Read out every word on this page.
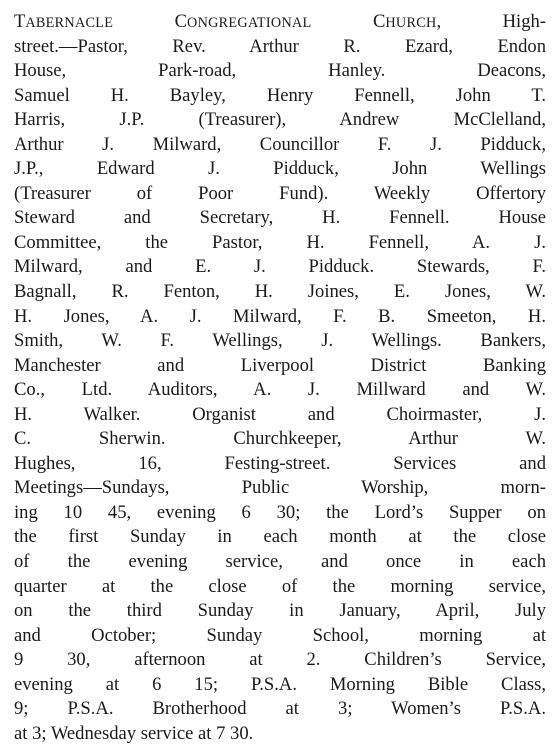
TABERNACLE	CONGREGATIONAL	CHURCH, High-
street.—Pastor, Rev. Arthur R. Ezard, Endon
House, Park-road, Hanley. Deacons,
Samuel H. Bayley, Henry Fennell, John T.
Harris, J.P. (Treasurer), Andrew McClelland,
Arthur J. Milward, Councillor F. J. Pidduck,
J.P., Edward J. Pidduck, John Wellings
(Treasurer of Poor Fund). Weekly Offertory
Steward and Secretary, H. Fennell. House
Committee, the Pastor, H. Fennell, A. J.
Milward, and E. J. Pidduck. Stewards, F.
Bagnall, R. Fenton, H. Joines, E. Jones, W.
H. Jones, A. J. Milward, F. B. Smeeton, H.
Smith, W. F. Wellings, J. Wellings. Bankers,
Manchester and Liverpool District Banking
Co., Ltd. Auditors, A. J. Millward and W.
H. Walker. Organist and Choirmaster, J.
C. Sherwin. Churchkeeper, Arthur W.
Hughes, 16, Festing-street. Services and
Meetings—Sundays, Public Worship, morn-
ing 10 45, evening 6 30; the Lord’s Supper on
the first Sunday in each month at the close
of the evening service, and once in each
quarter at the close of the morning service,
on the third Sunday in January, April, July
and October; Sunday School, morning at
9 30, afternoon at 2. Children’s Service,
evening at 6 15; P.S.A. Morning Bible Class,
9; P.S.A. Brotherhood at 3; Women’s P.S.A.
at 3; Wednesday service at 7 30.
